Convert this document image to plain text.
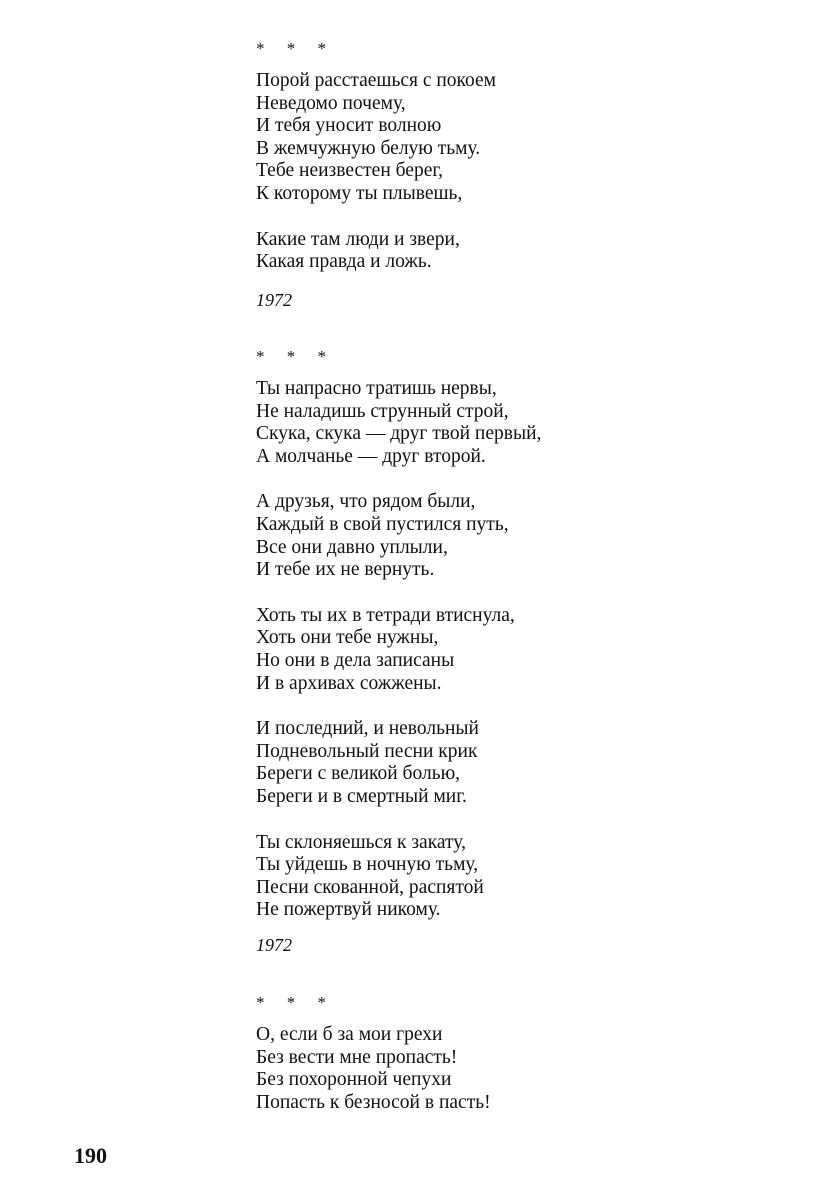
* * *
Порой расстаешься с покоем
Неведомо почему,
И тебя уносит волною
В жемчужную белую тьму.
Тебе неизвестен берег,
К которому ты плывешь,
Какие там люди и звери,
Какая правда и ложь.
1972
* * *
Ты напрасно тратишь нервы,
Не наладишь струнный строй,
Скука, скука — друг твой первый,
А молчанье — друг второй.
А друзья, что рядом были,
Каждый в свой пустился путь,
Все они давно уплыли,
И тебе их не вернуть.
Хоть ты их в тетради втиснула,
Хоть они тебе нужны,
Но они в дела записаны
И в архивах сожжены.
И последний, и невольный
Подневольный песни крик
Береги с великой болью,
Береги и в смертный миг.
Ты склоняешься к закату,
Ты уйдешь в ночную тьму,
Песни скованной, распятой
Не пожертвуй никому.
1972
* * *
О, если б за мои грехи
Без вести мне пропасть!
Без похоронной чепухи
Попасть к безносой в пасть!
190
